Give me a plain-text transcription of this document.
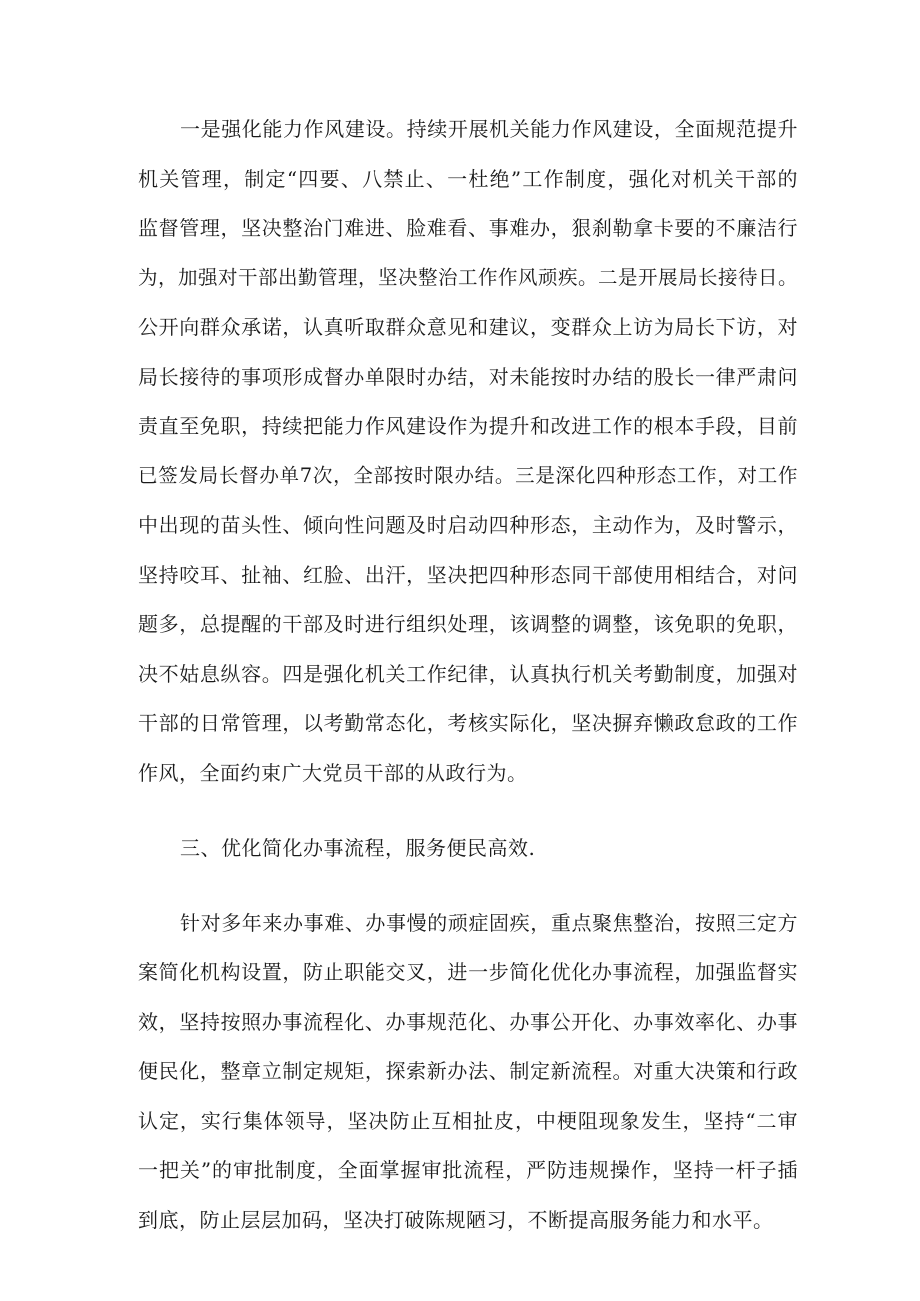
一是强化能力作风建设。持续开展机关能力作风建设，全面规范提升
机关管理，制定“四要、八禁止、一杜绝”工作制度，强化对机关干部的
监督管理，坚决整治门难进、脸难看、事难办，狠刹勒拿卡要的不廉洁行
为，加强对干部出勤管理，坚决整治工作作风顽疾。二是开展局长接待日。
公开向群众承诺，认真听取群众意见和建议，变群众上访为局长下访，对
局长接待的事项形成督办单限时办结，对未能按时办结的股长一律严肃问
责直至免职，持续把能力作风建设作为提升和改进工作的根本手段，目前
已签发局长督办单7次，全部按时限办结。三是深化四种形态工作，对工作
中出现的苗头性、倾向性问题及时启动四种形态，主动作为，及时警示，
坚持咬耳、扯袖、红脸、出汗，坚决把四种形态同干部使用相结合，对问
题多，总提醒的干部及时进行组织处理，该调整的调整，该免职的免职，
决不姑息纵容。四是强化机关工作纪律，认真执行机关考勤制度，加强对
干部的日常管理，以考勤常态化，考核实际化，坚决摒弃懒政怠政的工作
作风，全面约束广大党员干部的从政行为。
三、优化简化办事流程，服务便民高效.
针对多年来办事难、办事慢的顽症固疾，重点聚焦整治，按照三定方
案简化机构设置，防止职能交叉，进一步简化优化办事流程，加强监督实
效，坚持按照办事流程化、办事规范化、办事公开化、办事效率化、办事
便民化，整章立制定规矩，探索新办法、制定新流程。对重大决策和行政
认定，实行集体领导，坚决防止互相扯皮，中梗阻现象发生，坚持“二审
一把关”的审批制度，全面掌握审批流程，严防违规操作，坚持一杆子插
到底，防止层层加码，坚决打破陈规陋习，不断提高服务能力和水平。
